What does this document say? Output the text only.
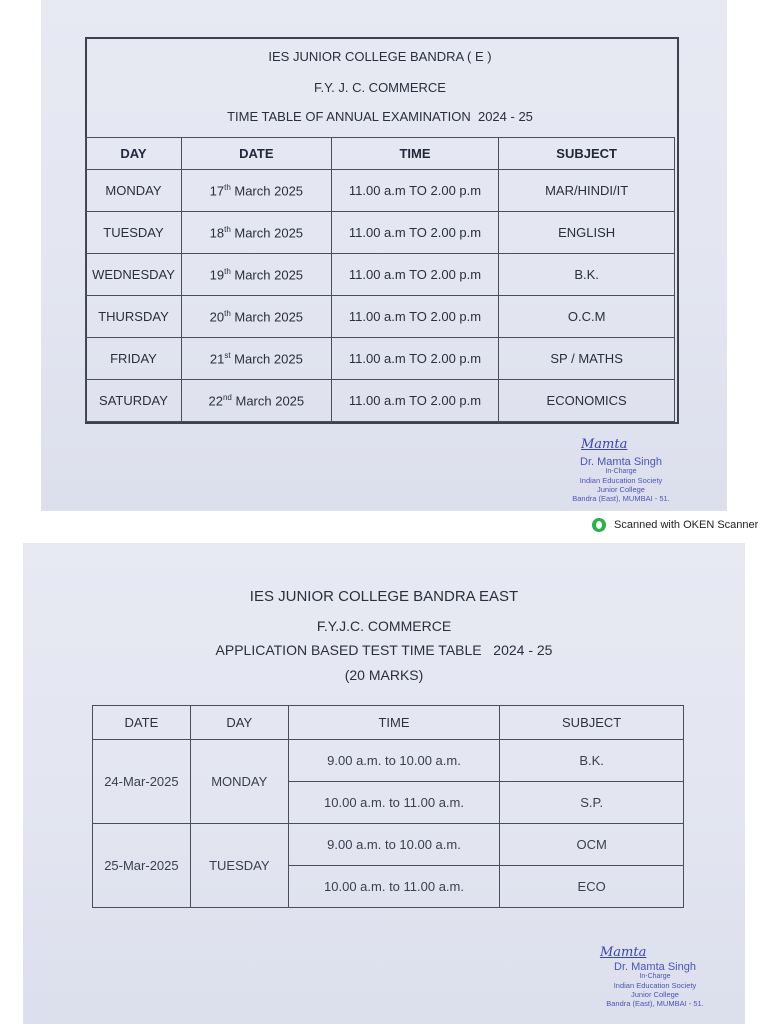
IES JUNIOR COLLEGE BANDRA ( E )
F.Y. J. C. COMMERCE
TIME TABLE OF ANNUAL EXAMINATION  2024 - 25
DAY	DATE	TIME	SUBJECT
MONDAY	17th March 2025	11.00 a.m TO 2.00 p.m	MAR/HINDI/IT
TUESDAY	18th March 2025	11.00 a.m TO 2.00 p.m	ENGLISH
WEDNESDAY	19th March 2025	11.00 a.m TO 2.00 p.m	B.K.
THURSDAY	20th March 2025	11.00 a.m TO 2.00 p.m	O.C.M
FRIDAY	21st March 2025	11.00 a.m TO 2.00 p.m	SP / MATHS
SATURDAY	22nd March 2025	11.00 a.m TO 2.00 p.m	ECONOMICS
Mamta
Dr. Mamta Singh
In-Charge
Indian Education Society
Junior College
Bandra (East), MUMBAI - 51.
Scanned with OKEN Scanner
IES JUNIOR COLLEGE BANDRA EAST
F.Y.J.C. COMMERCE
APPLICATION BASED TEST TIME TABLE   2024 - 25
(20 MARKS)
DATE	DAY	TIME	SUBJECT
24-Mar-2025	MONDAY	9.00 a.m. to 10.00 a.m.	B.K.
		10.00 a.m. to 11.00 a.m.	S.P.
25-Mar-2025	TUESDAY	9.00 a.m. to 10.00 a.m.	OCM
		10.00 a.m. to 11.00 a.m.	ECO
Mamta
Dr. Mamta Singh
In-Charge
Indian Education Society
Junior College
Bandra (East), MUMBAI - 51.
